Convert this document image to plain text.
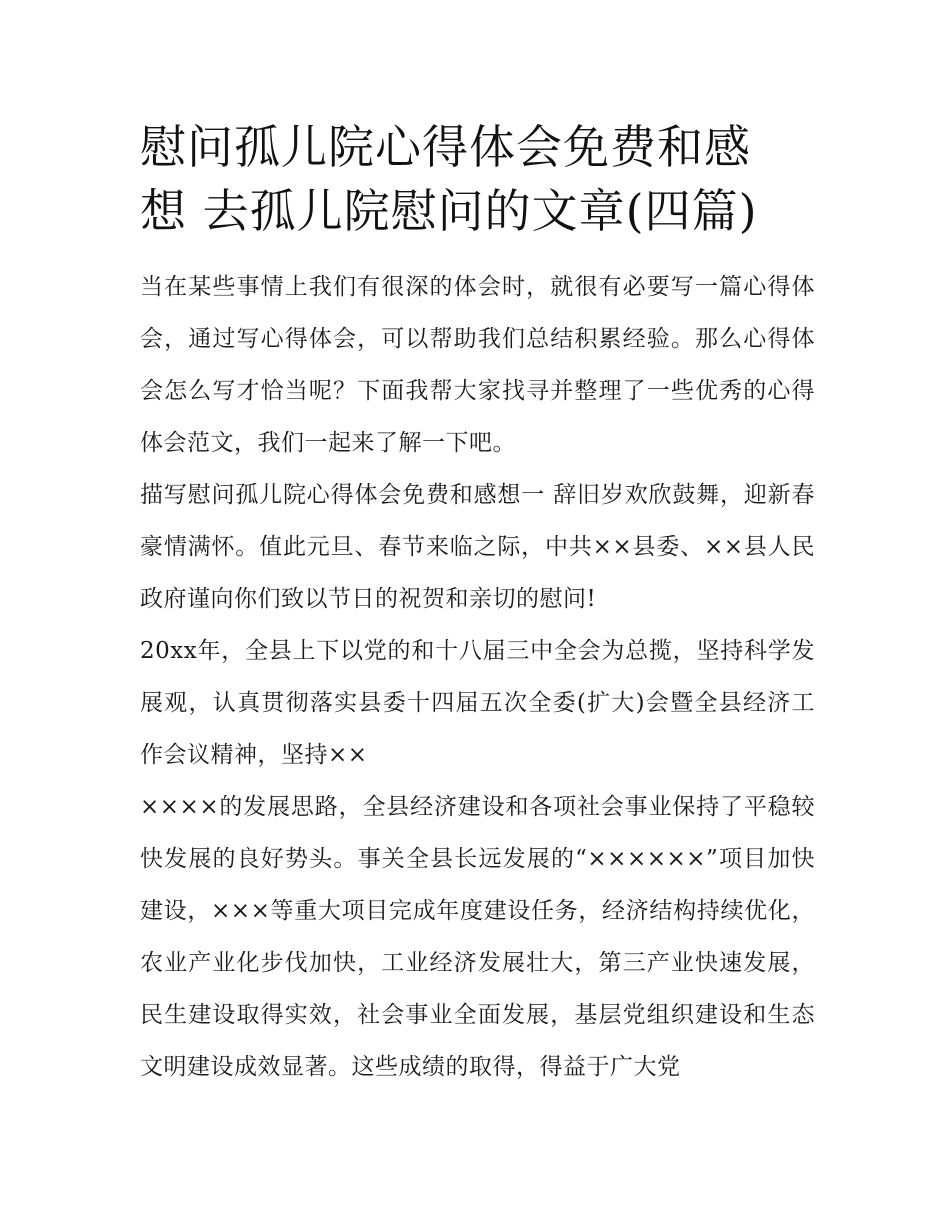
慰问孤儿院心得体会免费和感
想 去孤儿院慰问的文章(四篇)

当在某些事情上我们有很深的体会时，就很有必要写一篇心得体会，通过写心得体会，可以帮助我们总结积累经验。那么心得体会怎么写才恰当呢？下面我帮大家找寻并整理了一些优秀的心得体会范文，我们一起来了解一下吧。

描写慰问孤儿院心得体会免费和感想一 辞旧岁欢欣鼓舞，迎新春豪情满怀。值此元旦、春节来临之际，中共××县委、××县人民政府谨向你们致以节日的祝贺和亲切的慰问!

20xx年，全县上下以党的和十八届三中全会为总揽，坚持科学发展观，认真贯彻落实县委十四届五次全委(扩大)会暨全县经济工作会议精神，坚持××

××××的发展思路，全县经济建设和各项社会事业保持了平稳较快发展的良好势头。事关全县长远发展的“××××××”项目加快建设，×××等重大项目完成年度建设任务，经济结构持续优化，农业产业化步伐加快，工业经济发展壮大，第三产业快速发展，民生建设取得实效，社会事业全面发展，基层党组织建设和生态文明建设成效显著。这些成绩的取得，得益于广大党
